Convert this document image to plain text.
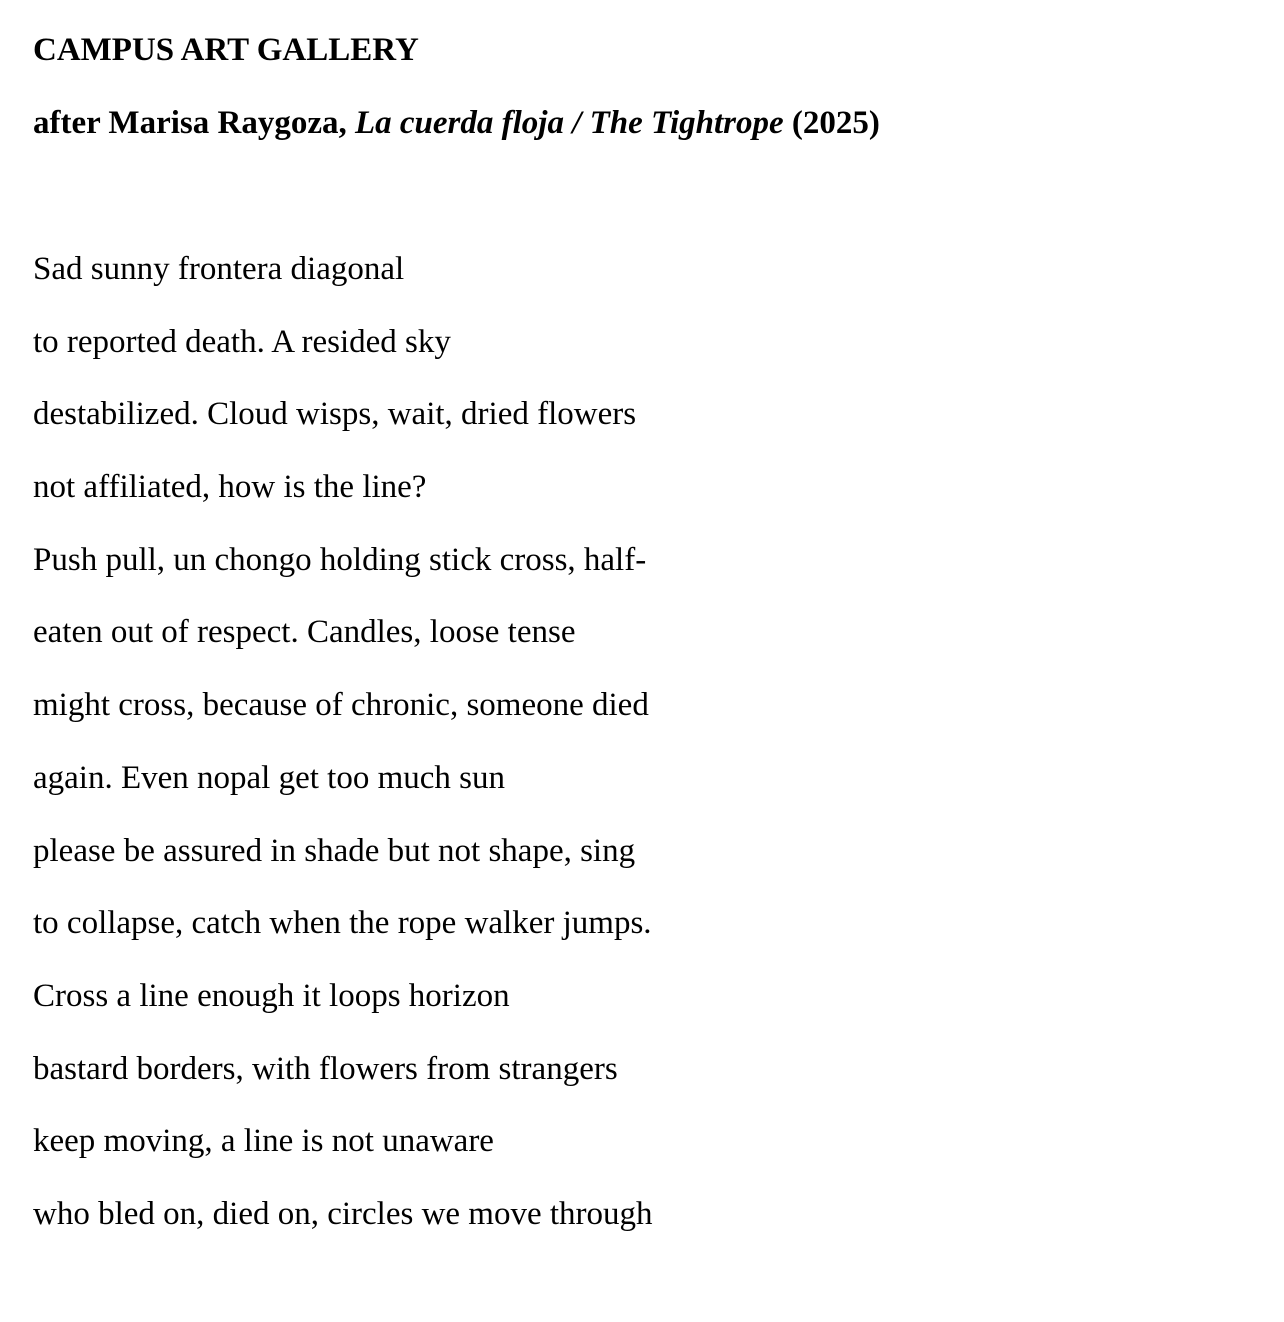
CAMPUS ART GALLERY
after Marisa Raygoza, La cuerda floja / The Tightrope (2025)
Sad sunny frontera diagonal
to reported death. A resided sky
destabilized. Cloud wisps, wait, dried flowers
not affiliated, how is the line?
Push pull, un chongo holding stick cross, half-
eaten out of respect. Candles, loose tense
might cross, because of chronic, someone died
again. Even nopal get too much sun
please be assured in shade but not shape, sing
to collapse, catch when the rope walker jumps.
Cross a line enough it loops horizon
bastard borders, with flowers from strangers
keep moving, a line is not unaware
who bled on, died on, circles we move through
